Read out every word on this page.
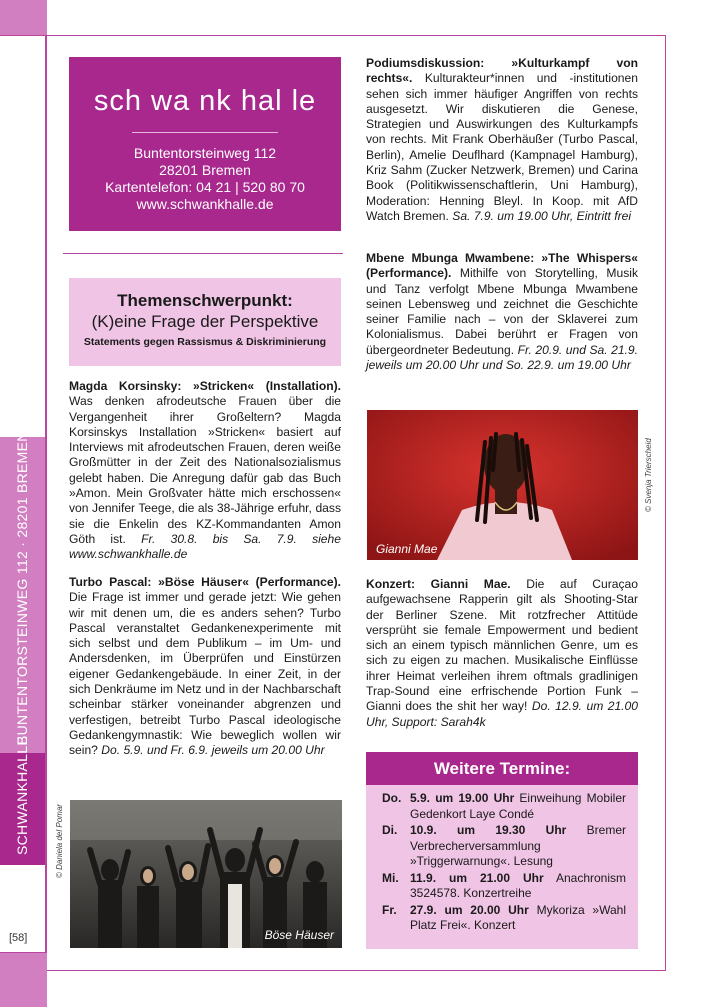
BUNTENTORSTEINWEG 112 · 28201 BREMEN
SCHWANKHALLE
[58]
sch wa nk hal le
Buntentorsteinweg 112
28201 Bremen
Kartentelefon: 04 21 | 520 80 70
www.schwankhalle.de
Themenschwerpunkt:
(K)eine Frage der Perspektive
Statements gegen Rassismus & Diskriminierung
Magda Korsinsky: »Stricken« (Installation). Was denken afrodeutsche Frauen über die Vergangenheit ihrer Großeltern? Magda Korsinskys Installation »Stricken« basiert auf Interviews mit afrodeutschen Frauen, deren weiße Großmütter in der Zeit des Nationalsozialismus gelebt haben. Die Anregung dafür gab das Buch »Amon. Mein Großvater hätte mich erschossen« von Jennifer Teege, die als 38-Jährige erfuhr, dass sie die Enkelin des KZ-Kommandanten Amon Göth ist. Fr. 30.8. bis Sa. 7.9. siehe www.schwankhalle.de
Turbo Pascal: »Böse Häuser« (Performance). Die Frage ist immer und gerade jetzt: Wie gehen wir mit denen um, die es anders sehen? Turbo Pascal veranstaltet Gedankenexperimente mit sich selbst und dem Publikum – im Um- und Andersdenken, im Überprüfen und Einstürzen eigener Gedankengebäude. In einer Zeit, in der sich Denkräume im Netz und in der Nachbarschaft scheinbar stärker voneinander abgrenzen und verfestigen, betreibt Turbo Pascal ideologische Gedankengymnastik: Wie beweglich wollen wir sein? Do. 5.9. und Fr. 6.9. jeweils um 20.00 Uhr
Böse Häuser
© Daniela del Pomar
Podiumsdiskussion: »Kulturkampf von rechts«. Kulturakteur*innen und -institutionen sehen sich immer häufiger Angriffen von rechts ausgesetzt. Wir diskutieren die Genese, Strategien und Auswirkungen des Kulturkampfs von rechts. Mit Frank Oberhäußer (Turbo Pascal, Berlin), Amelie Deuflhard (Kampnagel Hamburg), Kriz Sahm (Zucker Netzwerk, Bremen) und Carina Book (Politikwissenschaftlerin, Uni Hamburg), Moderation: Henning Bleyl. In Koop. mit AfD Watch Bremen. Sa. 7.9. um 19.00 Uhr, Eintritt frei
Mbene Mbunga Mwambene: »The Whispers« (Performance). Mithilfe von Storytelling, Musik und Tanz verfolgt Mbene Mbunga Mwambene seinen Lebensweg und zeichnet die Geschichte seiner Familie nach – von der Sklaverei zum Kolonialismus. Dabei berührt er Fragen von übergeordneter Bedeutung. Fr. 20.9. und Sa. 21.9. jeweils um 20.00 Uhr und So. 22.9. um 19.00 Uhr
Gianni Mae
© Svenja Trierscheid
Konzert: Gianni Mae. Die auf Curaçao aufgewachsene Rapperin gilt als Shooting-Star der Berliner Szene. Mit rotzfrecher Attitüde versprüht sie female Empowerment und bedient sich an einem typisch männlichen Genre, um es sich zu eigen zu machen. Musikalische Einflüsse ihrer Heimat verleihen ihrem oftmals gradlinigen Trap-Sound eine erfrischende Portion Funk – Gianni does the shit her way! Do. 12.9. um 21.00 Uhr, Support: Sarah4k
Weitere Termine:
Do. 5.9. um 19.00 Uhr Einweihung Mobiler Gedenkort Laye Condé
Di.	10.9. um 19.30 Uhr Bremer Verbrecherversammlung »Triggerwarnung«. Lesung
Mi. 11.9. um 21.00 Uhr Anachronism 3524578. Konzertreihe
Fr.	27.9. um 20.00 Uhr Mykoriza »Wahl Platz Frei«. Konzert
